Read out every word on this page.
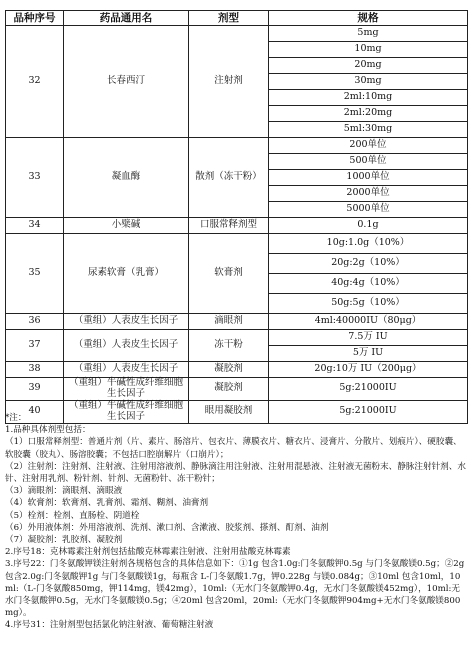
品种序号	药品通用名	剂型	规格
32	长春西汀	注射剂	5mg
			10mg
			20mg
			30mg
			2ml:10mg
			2ml:20mg
			5ml:30mg
33	凝血酶	散剂（冻干粉）	200单位
			500单位
			1000单位
			2000单位
			5000单位
34	小檗碱	口服常释剂型	0.1g
35	尿素软膏（乳膏）	软膏剂	10g:1.0g（10%）
			20g:2g（10%）
			40g:4g（10%）
			50g:5g（10%）
36	（重组）人表皮生长因子	滴眼剂	4ml:40000IU（80μg）
37	（重组）人表皮生长因子	冻干粉	7.5万 IU
			5万 IU
38	（重组）人表皮生长因子	凝胶剂	20g:10万 IU（200μg）
39	（重组）牛碱性成纤维细胞生长因子	凝胶剂	5g:21000IU
40	（重组）牛碱性成纤维细胞生长因子	眼用凝胶剂	5g:21000IU
*注：
1.品种具体剂型包括：
（1）口服常释剂型：普通片剂（片、素片、肠溶片、包衣片、薄膜衣片、糖衣片、浸膏片、分散片、划痕片）、硬胶囊、软胶囊（胶丸）、肠溶胶囊；不包括口腔崩解片（口崩片）；
（2）注射剂：注射剂、注射液、注射用溶液剂、静脉滴注用注射液、注射用混悬液、注射液无菌粉末、静脉注射针剂、水针、注射用乳剂、粉针剂、针剂、无菌粉针、冻干粉针；
（3）滴眼剂：滴眼剂、滴眼液
（4）软膏剂：软膏剂、乳膏剂、霜剂、糊剂、油膏剂
（5）栓剂：栓剂、直肠栓、阴道栓
（6）外用液体剂：外用溶液剂、洗剂、漱口剂、含漱液、胶浆剂、搽剂、酊剂、油剂
（7）凝胶剂：乳胶剂、凝胶剂
2.序号18：克林霉素注射剂包括盐酸克林霉素注射液、注射用盐酸克林霉素
3.序号22：门冬氨酸钾镁注射剂各规格包含的具体信息如下：①1g 包含1.0g:门冬氨酸钾0.5g 与门冬氨酸镁0.5g；②2g 包含2.0g:门冬氨酸钾1g 与门冬氨酸镁1g，每瓶含 L-门冬氨酸1.7g，钾0.228g 与镁0.084g；③10ml 包含10ml，10ml:（L-门冬氨酸850mg，钾114mg，镁42mg），10ml:（无水门冬氨酸钾0.4g，无水门冬氨酸镁452mg），10ml:无水门冬氨酸钾0.5g，无水门冬氨酸镁0.5g；④20ml 包含20ml，20ml:（无水门冬氨酸钾904mg+无水门冬氨酸镁800mg）。
4.序号31：注射剂型包括氯化钠注射液、葡萄糖注射液
